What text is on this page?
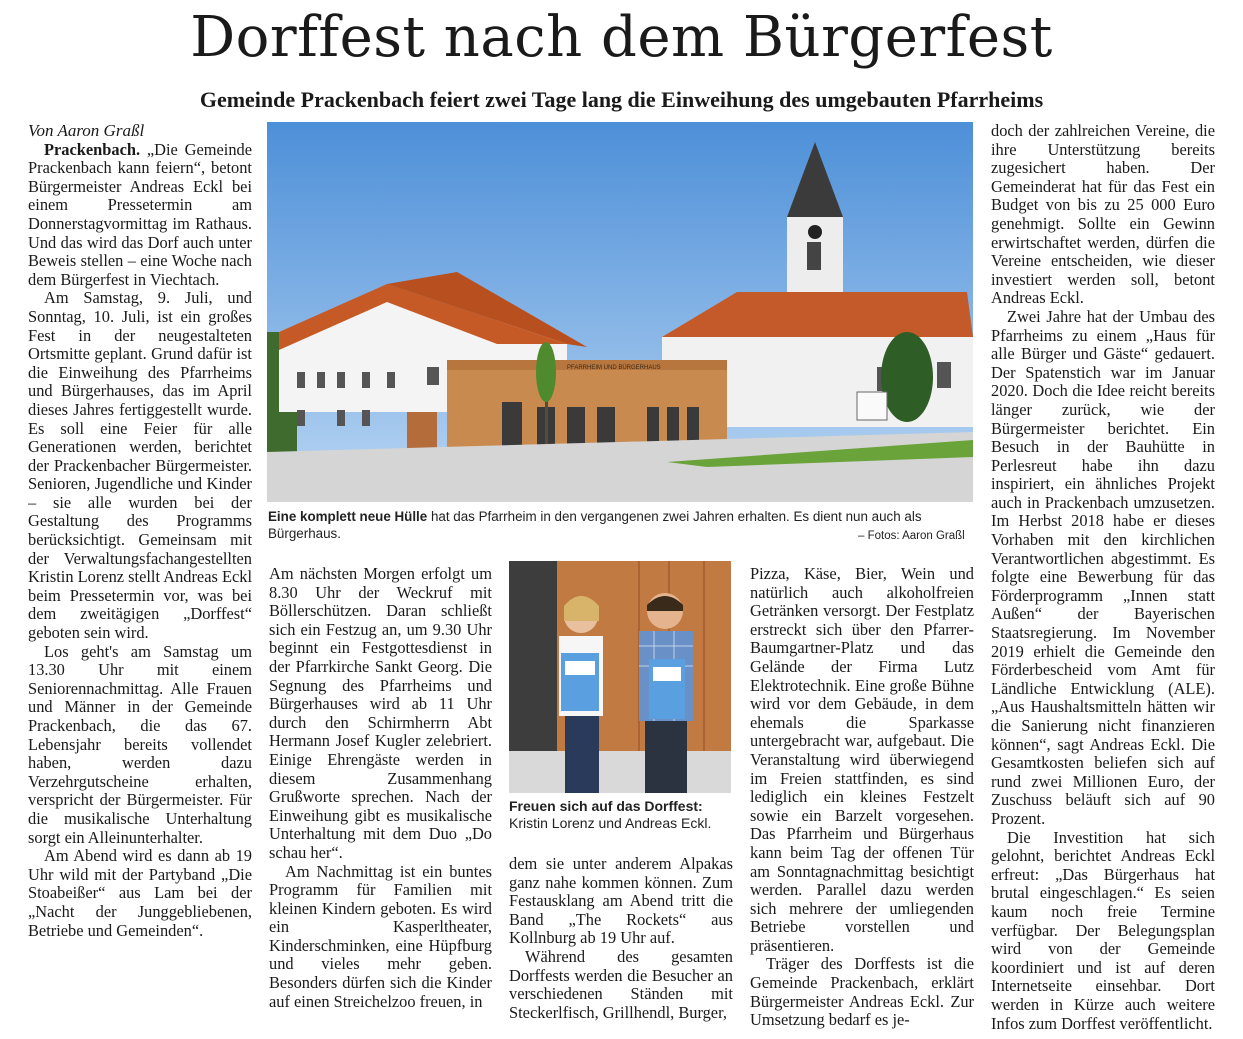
Dorffest nach dem Bürgerfest
Gemeinde Prackenbach feiert zwei Tage lang die Einweihung des umgebauten Pfarrheims

Von Aaron Graßl

Prackenbach. „Die Gemeinde Prackenbach kann feiern“, betont Bürgermeister Andreas Eckl bei einem Pressetermin am Donnerstagvormittag im Rathaus. Und das wird das Dorf auch unter Beweis stellen – eine Woche nach dem Bürgerfest in Viechtach.

Am Samstag, 9. Juli, und Sonntag, 10. Juli, ist ein großes Fest in der neugestalteten Ortsmitte geplant. Grund dafür ist die Einweihung des Pfarrheims und Bürgerhauses, das im April dieses Jahres fertiggestellt wurde. Es soll eine Feier für alle Generationen werden, berichtet der Prackenbacher Bürgermeister. Senioren, Jugendliche und Kinder – sie alle wurden bei der Gestaltung des Programms berücksichtigt. Gemeinsam mit der Verwaltungsfachangestellten Kristin Lorenz stellt Andreas Eckl beim Pressetermin vor, was bei dem zweitägigen „Dorffest“ geboten sein wird.

Los geht's am Samstag um 13.30 Uhr mit einem Seniorennachmittag. Alle Frauen und Männer in der Gemeinde Prackenbach, die das 67. Lebensjahr bereits vollendet haben, werden dazu Verzehrgutscheine erhalten, verspricht der Bürgermeister. Für die musikalische Unterhaltung sorgt ein Alleinunterhalter.

Am Abend wird es dann ab 19 Uhr wild mit der Partyband „Die Stoabeißer“ aus Lam bei der „Nacht der Junggebliebenen, Betriebe und Gemeinden“.

PFARRHEIM UND BÜRGERHAUS
Eine komplett neue Hülle hat das Pfarrheim in den vergangenen zwei Jahren erhalten. Es dient nun auch als Bürgerhaus.	– Fotos: Aaron Graßl

Am nächsten Morgen erfolgt um 8.30 Uhr der Weckruf mit Böllerschützen. Daran schließt sich ein Festzug an, um 9.30 Uhr beginnt ein Festgottesdienst in der Pfarrkirche Sankt Georg. Die Segnung des Pfarrheims und Bürgerhauses wird ab 11 Uhr durch den Schirmherrn Abt Hermann Josef Kugler zelebriert. Einige Ehrengäste werden in diesem Zusammenhang Grußworte sprechen. Nach der Einweihung gibt es musikalische Unterhaltung mit dem Duo „Do schau her“.

Am Nachmittag ist ein buntes Programm für Familien mit kleinen Kindern geboten. Es wird ein Kasperltheater, Kinderschminken, eine Hüpfburg und vieles mehr geben. Besonders dürfen sich die Kinder auf einen Streichelzoo freuen, in

Freuen sich auf das Dorffest:
Kristin Lorenz und Andreas Eckl.

dem sie unter anderem Alpakas ganz nahe kommen können. Zum Festausklang am Abend tritt die Band „The Rockets“ aus Kollnburg ab 19 Uhr auf.

Während des gesamten Dorffests werden die Besucher an verschiedenen Ständen mit Steckerlfisch, Grillhendl, Burger,

Pizza, Käse, Bier, Wein und natürlich auch alkoholfreien Getränken versorgt. Der Festplatz erstreckt sich über den Pfarrer-Baumgartner-Platz und das Gelände der Firma Lutz Elektrotechnik. Eine große Bühne wird vor dem Gebäude, in dem ehemals die Sparkasse untergebracht war, aufgebaut. Die Veranstaltung wird überwiegend im Freien stattfinden, es sind lediglich ein kleines Festzelt sowie ein Barzelt vorgesehen. Das Pfarrheim und Bürgerhaus kann beim Tag der offenen Tür am Sonntagnachmittag besichtigt werden. Parallel dazu werden sich mehrere der umliegenden Betriebe vorstellen und präsentieren.

Träger des Dorffests ist die Gemeinde Prackenbach, erklärt Bürgermeister Andreas Eckl. Zur Umsetzung bedarf es je-

doch der zahlreichen Vereine, die ihre Unterstützung bereits zugesichert haben. Der Gemeinderat hat für das Fest ein Budget von bis zu 25 000 Euro genehmigt. Sollte ein Gewinn erwirtschaftet werden, dürfen die Vereine entscheiden, wie dieser investiert werden soll, betont Andreas Eckl.

Zwei Jahre hat der Umbau des Pfarrheims zu einem „Haus für alle Bürger und Gäste“ gedauert. Der Spatenstich war im Januar 2020. Doch die Idee reicht bereits länger zurück, wie der Bürgermeister berichtet. Ein Besuch in der Bauhütte in Perlesreut habe ihn dazu inspiriert, ein ähnliches Projekt auch in Prackenbach umzusetzen. Im Herbst 2018 habe er dieses Vorhaben mit den kirchlichen Verantwortlichen abgestimmt. Es folgte eine Bewerbung für das Förderprogramm „Innen statt Außen“ der Bayerischen Staatsregierung. Im November 2019 erhielt die Gemeinde den Förderbescheid vom Amt für Ländliche Entwicklung (ALE). „Aus Haushaltsmitteln hätten wir die Sanierung nicht finanzieren können“, sagt Andreas Eckl. Die Gesamtkosten beliefen sich auf rund zwei Millionen Euro, der Zuschuss beläuft sich auf 90 Prozent.

Die Investition hat sich gelohnt, berichtet Andreas Eckl erfreut: „Das Bürgerhaus hat brutal eingeschlagen.“ Es seien kaum noch freie Termine verfügbar. Der Belegungsplan wird von der Gemeinde koordiniert und ist auf deren Internetseite einsehbar. Dort werden in Kürze auch weitere Infos zum Dorffest veröffentlicht.
